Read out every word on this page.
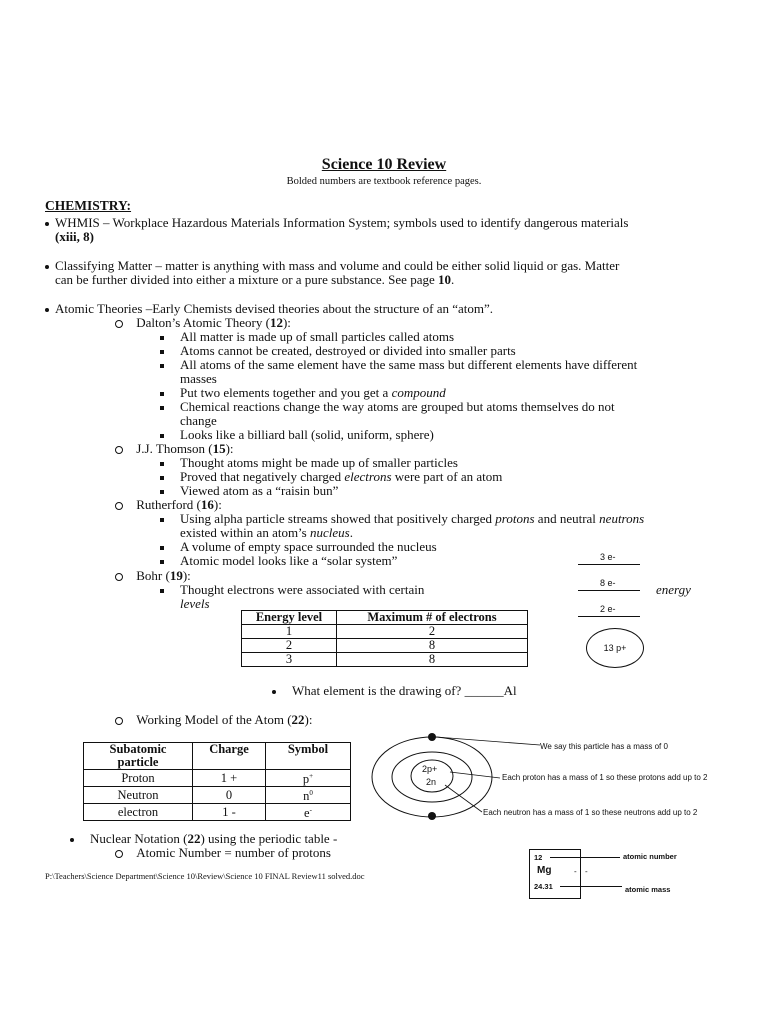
Science 10 Review
Bolded numbers are textbook reference pages.
CHEMISTRY:
WHMIS – Workplace Hazardous Materials Information System; symbols used to identify dangerous materials
(xiii, 8)
Classifying Matter – matter is anything with mass and volume and could be either solid liquid or gas. Matter
can be further divided into either a mixture or a pure substance. See page 10.
Atomic Theories –Early Chemists devised theories about the structure of an “atom”.
Dalton’s Atomic Theory (12):
All matter is made up of small particles called atoms
Atoms cannot be created, destroyed or divided into smaller parts
All atoms of the same element have the same mass but different elements have different
masses
Put two elements together and you get a compound
Chemical reactions change the way atoms are grouped but atoms themselves do not
change
Looks like a billiard ball (solid, uniform, sphere)
J.J. Thomson (15):
Thought atoms might be made up of smaller particles
Proved that negatively charged electrons were part of an atom
Viewed atom as a “raisin bun”
Rutherford (16):
Using alpha particle streams showed that positively charged protons and neutral neutrons
existed within an atom’s nucleus.
A volume of empty space surrounded the nucleus
Atomic model looks like a “solar system”
Bohr (19):
Thought electrons were associated with certain	energy
levels
3 e-
8 e-
2 e-
13 p+
Energy level	Maximum # of electrons
1	2
2	8
3	8
What element is the drawing of? ______Al
Working Model of the Atom (22):
Subatomic particle	Charge	Symbol
Proton	1 +	p+
Neutron	0	$n^0$
electron	1 -	e-
2p+
2n
We say this particle has a mass of 0
Each proton has a mass of 1 so these protons add up to 2
Each neutron has a mass of 1 so these neutrons add up to 2
Nuclear Notation (22) using the periodic table -
Atomic Number = number of protons	12
Mg	- -
24.31
atomic number
atomic mass
P:\Teachers\Science Department\Science 10\Review\Science 10 FINAL Review11 solved.doc
